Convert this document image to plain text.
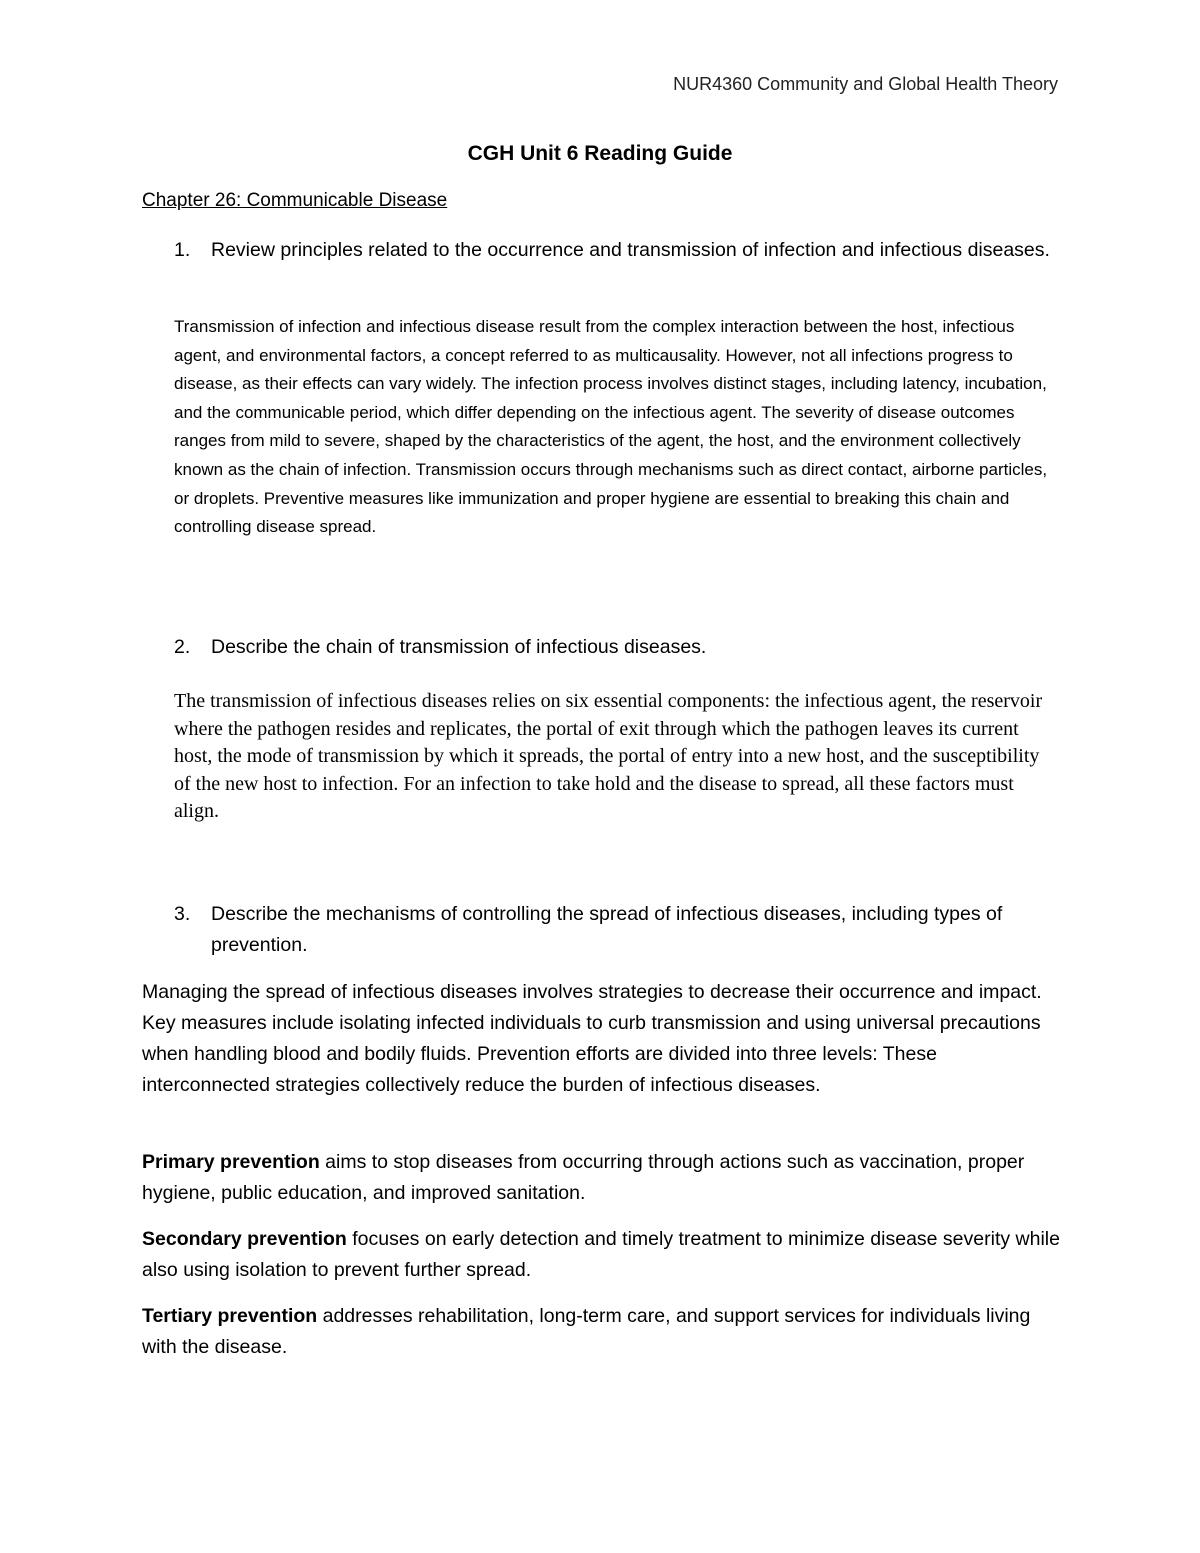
NUR4360 Community and Global Health Theory
CGH Unit 6 Reading Guide
Chapter 26: Communicable Disease
1.	Review principles related to the occurrence and transmission of infection and infectious diseases.
Transmission of infection and infectious disease result from the complex interaction between the host, infectious agent, and environmental factors, a concept referred to as multicausality. However, not all infections progress to disease, as their effects can vary widely. The infection process involves distinct stages, including latency, incubation, and the communicable period, which differ depending on the infectious agent. The severity of disease outcomes ranges from mild to severe, shaped by the characteristics of the agent, the host, and the environment collectively known as the chain of infection. Transmission occurs through mechanisms such as direct contact, airborne particles, or droplets. Preventive measures like immunization and proper hygiene are essential to breaking this chain and controlling disease spread.
2.	Describe the chain of transmission of infectious diseases.
The transmission of infectious diseases relies on six essential components: the infectious agent, the reservoir where the pathogen resides and replicates, the portal of exit through which the pathogen leaves its current host, the mode of transmission by which it spreads, the portal of entry into a new host, and the susceptibility of the new host to infection. For an infection to take hold and the disease to spread, all these factors must align.
3.	Describe the mechanisms of controlling the spread of infectious diseases, including types of prevention.
Managing the spread of infectious diseases involves strategies to decrease their occurrence and impact. Key measures include isolating infected individuals to curb transmission and using universal precautions when handling blood and bodily fluids. Prevention efforts are divided into three levels: These interconnected strategies collectively reduce the burden of infectious diseases.
Primary prevention aims to stop diseases from occurring through actions such as vaccination, proper hygiene, public education, and improved sanitation.
Secondary prevention focuses on early detection and timely treatment to minimize disease severity while also using isolation to prevent further spread.
Tertiary prevention addresses rehabilitation, long-term care, and support services for individuals living with the disease.
